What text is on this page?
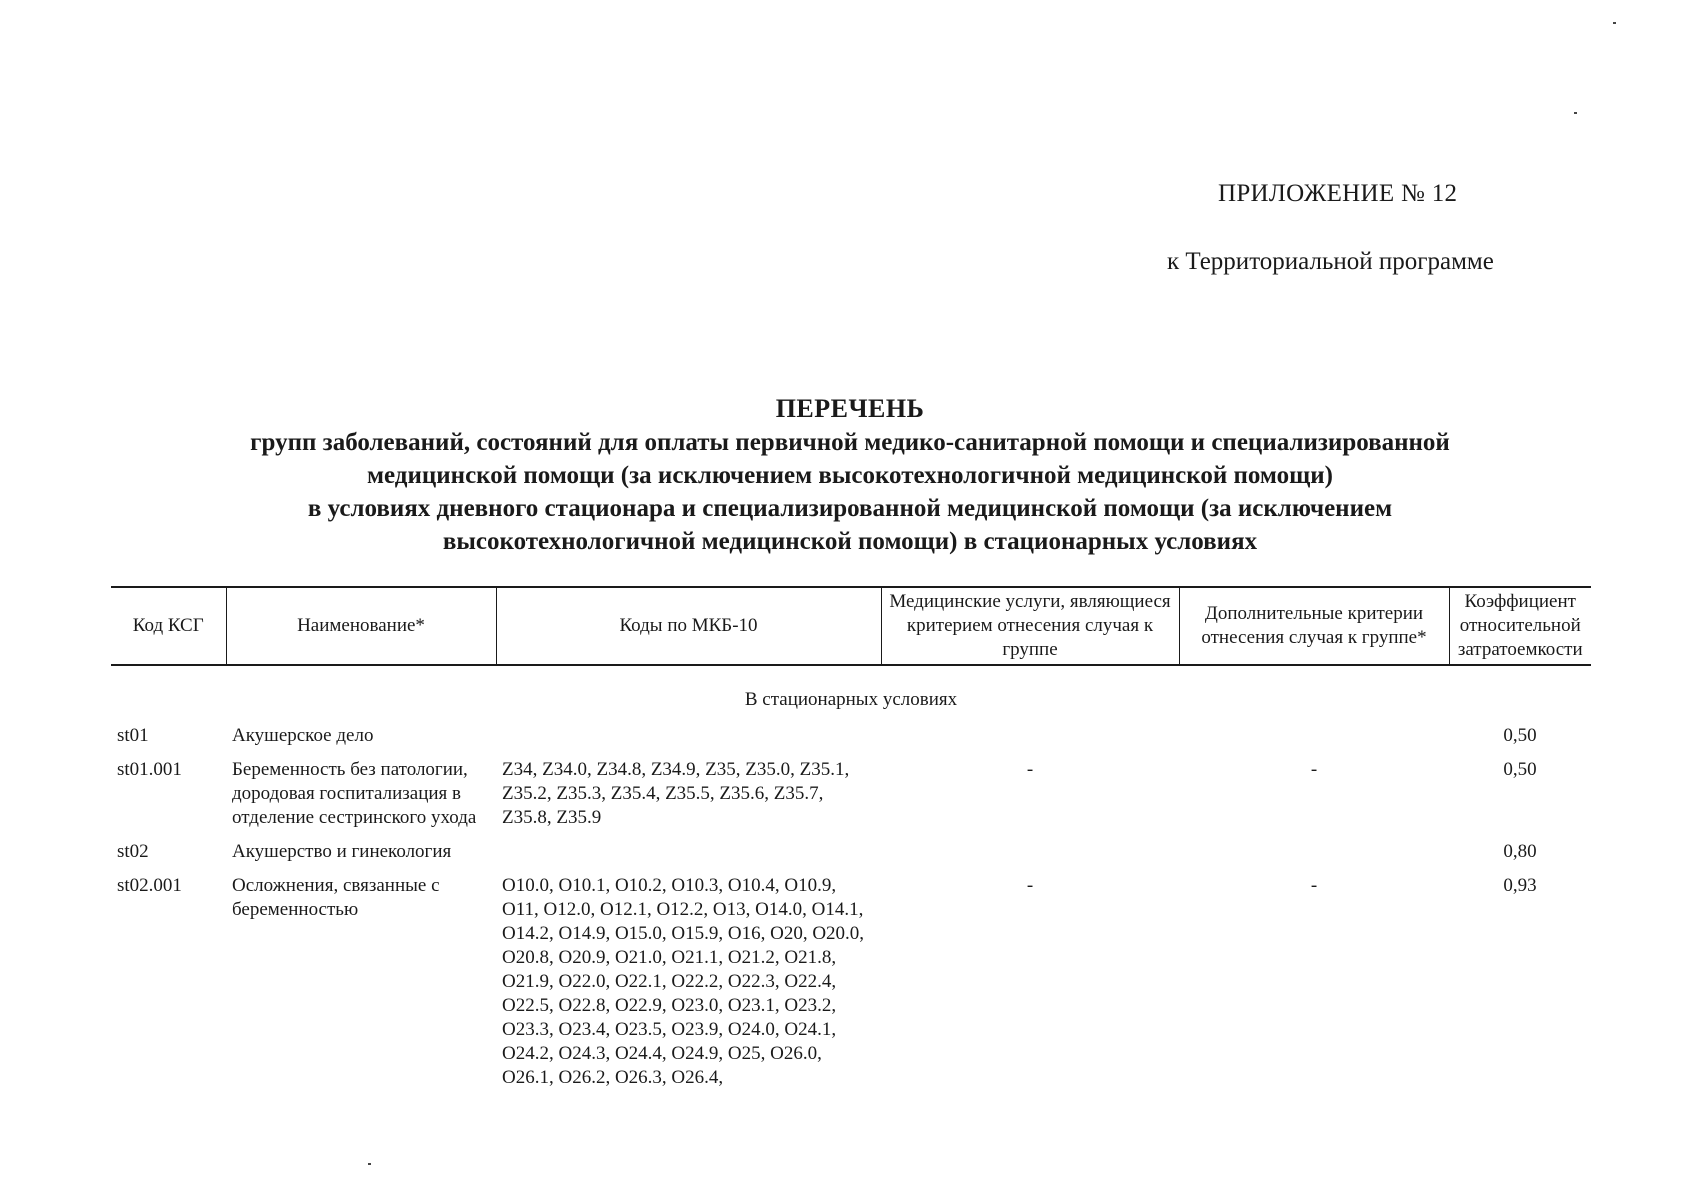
ПРИЛОЖЕНИЕ № 12
к Территориальной программе
ПЕРЕЧЕНЬ
групп заболеваний, состояний для оплаты первичной медико-санитарной помощи и специализированной
медицинской помощи (за исключением высокотехнологичной медицинской помощи)
в условиях дневного стационара и специализированной медицинской помощи (за исключением
высокотехнологичной медицинской помощи) в стационарных условиях
Код КСГ	Наименование*	Коды по МКБ-10	Медицинские услуги, являющиеся критерием отнесения случая к группе	Дополнительные критерии отнесения случая к группе*	Коэффициент относительной затратоемкости
В стационарных условиях					
st01	Акушерское дело				0,50
st01.001	Беременность без патологии, дородовая госпитализация в отделение сестринского ухода	Z34, Z34.0, Z34.8, Z34.9, Z35, Z35.0, Z35.1, Z35.2, Z35.3, Z35.4, Z35.5, Z35.6, Z35.7, Z35.8, Z35.9	-	-	0,50
st02	Акушерство и гинекология				0,80
st02.001	Осложнения, связанные с беременностью	O10.0, O10.1, O10.2, O10.3, O10.4, O10.9, O11, O12.0, O12.1, O12.2, O13, O14.0, O14.1, O14.2, O14.9, O15.0, O15.9, O16, O20, O20.0, O20.8, O20.9, O21.0, O21.1, O21.2, O21.8, O21.9, O22.0, O22.1, O22.2, O22.3, O22.4, O22.5, O22.8, O22.9, O23.0, O23.1, O23.2, O23.3, O23.4, O23.5, O23.9, O24.0, O24.1, O24.2, O24.3, O24.4, O24.9, O25, O26.0, O26.1, O26.2, O26.3, O26.4,	-	-	0,93
